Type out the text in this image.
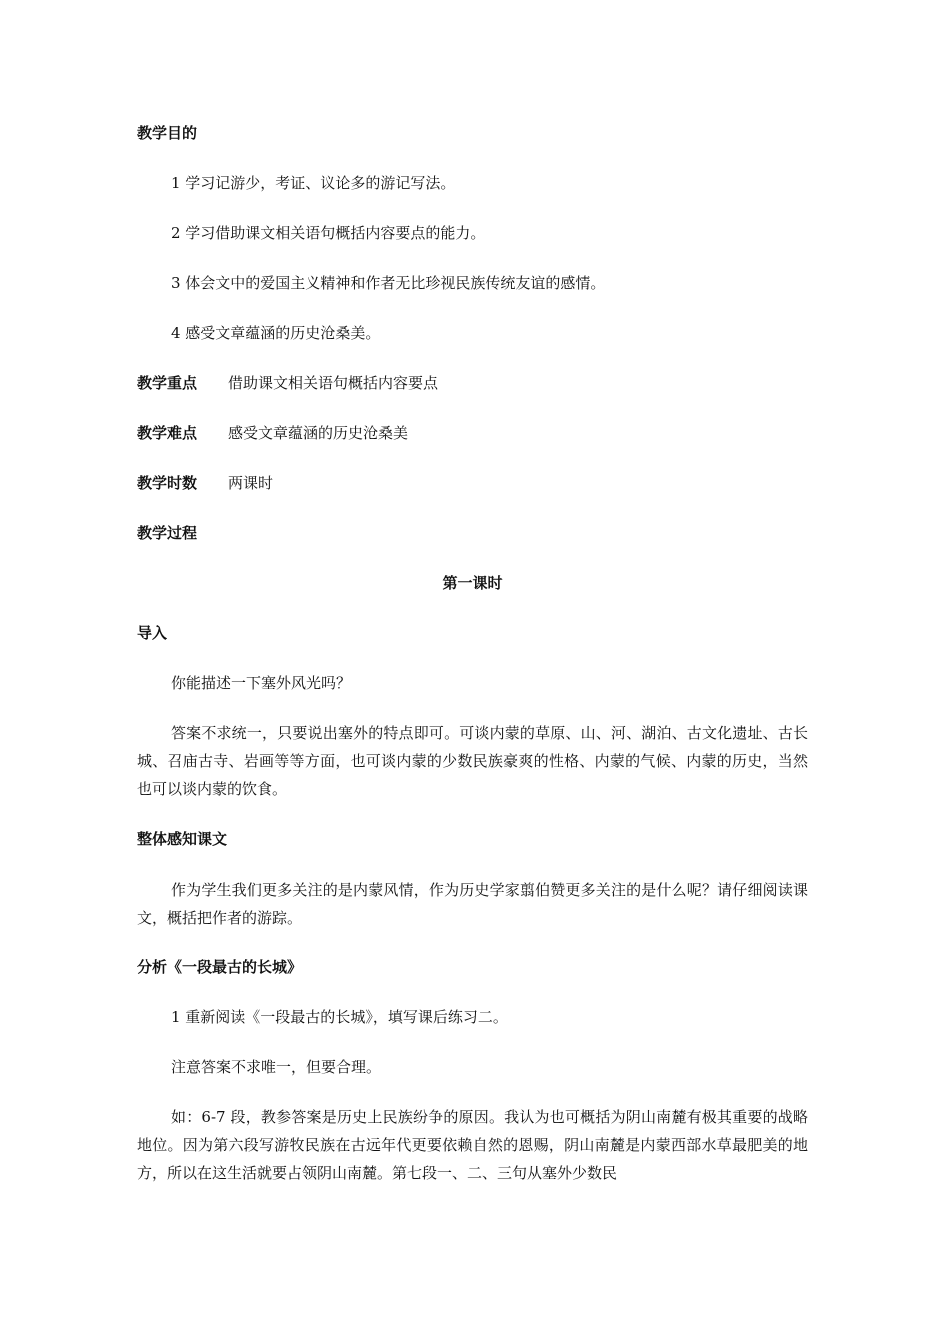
教学目的
1 学习记游少，考证、议论多的游记写法。
2 学习借助课文相关语句概括内容要点的能力。
3 体会文中的爱国主义精神和作者无比珍视民族传统友谊的感情。
4 感受文章蕴涵的历史沧桑美。
教学重点 借助课文相关语句概括内容要点
教学难点 感受文章蕴涵的历史沧桑美
教学时数 两课时
教学过程
第一课时
导入
你能描述一下塞外风光吗？
答案不求统一，只要说出塞外的特点即可。可谈内蒙的草原、山、河、湖泊、古文化遗址、古长城、召庙古寺、岩画等等方面，也可谈内蒙的少数民族豪爽的性格、内蒙的气候、内蒙的历史，当然也可以谈内蒙的饮食。
整体感知课文
作为学生我们更多关注的是内蒙风情，作为历史学家翦伯赞更多关注的是什么呢？请仔细阅读课文，概括把作者的游踪。
分析《一段最古的长城》
1 重新阅读《一段最古的长城》，填写课后练习二。
注意答案不求唯一，但要合理。
如：6-7 段，教参答案是历史上民族纷争的原因。我认为也可概括为阴山南麓有极其重要的战略地位。因为第六段写游牧民族在古远年代更要依赖自然的恩赐，阴山南麓是内蒙西部水草最肥美的地方，所以在这生活就要占领阴山南麓。第七段一、二、三句从塞外少数民
